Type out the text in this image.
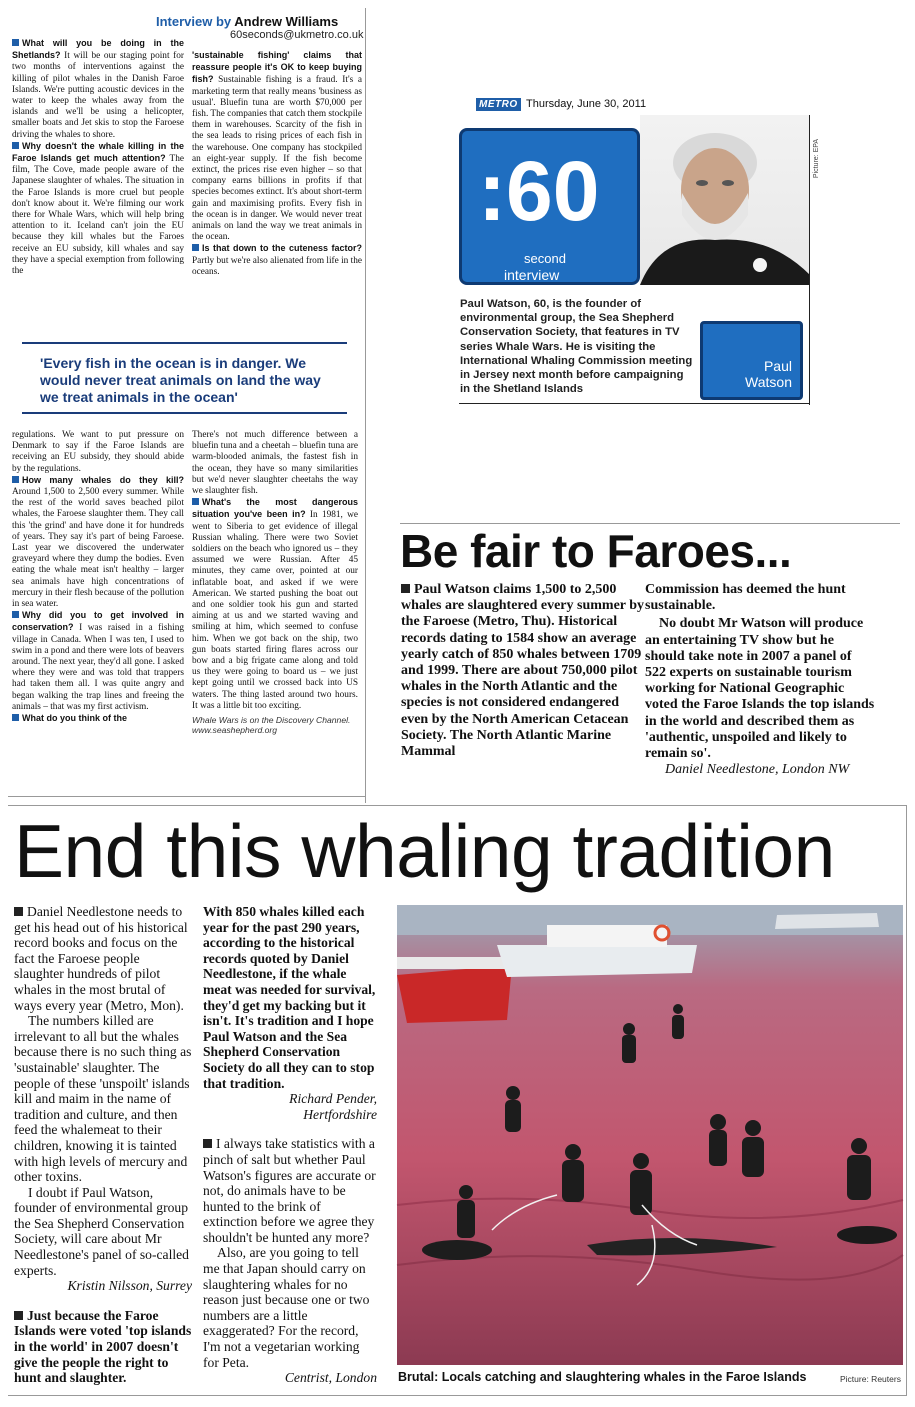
Interview by Andrew Williams
60seconds@ukmetro.co.uk

What will you be doing in the Shetlands? It will be our staging point for two months of interventions against the killing of pilot whales in the Danish Faroe Islands. We're putting acoustic devices in the water to keep the whales away from the islands and we'll be using a helicopter, smaller boats and Jet skis to stop the Faroese driving the whales to shore.

Why doesn't the whale killing in the Faroe Islands get much attention? The film, The Cove, made people aware of the Japanese slaughter of whales. The situation in the Faroe Islands is more cruel but people don't know about it. We're filming our work there for Whale Wars, which will help bring attention to it. Iceland can't join the EU because they kill whales but the Faroes receive an EU subsidy, kill whales and say they have a special exemption from following the

'sustainable fishing' claims that reassure people it's OK to keep buying fish? Sustainable fishing is a fraud. It's a marketing term that really means 'business as usual'. Bluefin tuna are worth $70,000 per fish. The companies that catch them stockpile them in warehouses. Scarcity of the fish in the sea leads to rising prices of each fish in the warehouse. One company has stockpiled an eight-year supply. If the fish become extinct, the prices rise even higher – so that company earns billions in profits if that species becomes extinct. It's about short-term gain and maximising profits. Every fish in the ocean is in danger. We would never treat animals on land the way we treat animals in the ocean.

Is that down to the cuteness factor? Partly but we're also alienated from life in the oceans.

'Every fish in the ocean is in danger. We would never treat animals on land the way we treat animals in the ocean'

regulations. We want to put pressure on Denmark to say if the Faroe Islands are receiving an EU subsidy, they should abide by the regulations.

How many whales do they kill? Around 1,500 to 2,500 every summer. While the rest of the world saves beached pilot whales, the Faroese slaughter them. They call this 'the grind' and have done it for hundreds of years. They say it's part of being Faroese. Last year we discovered the underwater graveyard where they dump the bodies. Even eating the whale meat isn't healthy – larger sea animals have high concentrations of mercury in their flesh because of the pollution in sea water.

Why did you to get involved in conservation? I was raised in a fishing village in Canada. When I was ten, I used to swim in a pond and there were lots of beavers around. The next year, they'd all gone. I asked where they were and was told that trappers had taken them all. I was quite angry and began walking the trap lines and freeing the animals – that was my first activism.

What do you think of the

There's not much difference between a bluefin tuna and a cheetah – bluefin tuna are warm-blooded animals, the fastest fish in the ocean, they have so many similarities but we'd never slaughter cheetahs the way we slaughter fish.

What's the most dangerous situation you've been in? In 1981, we went to Siberia to get evidence of illegal Russian whaling. There were two Soviet soldiers on the beach who ignored us – they assumed we were Russian. After 45 minutes, they came over, pointed at our inflatable boat, and asked if we were American. We started pushing the boat out and one soldier took his gun and started aiming at us and we started waving and smiling at him, which seemed to confuse him. When we got back on the ship, two gun boats started firing flares across our bow and a big frigate came along and told us they were going to board us – we just kept going until we crossed back into US waters. The thing lasted around two hours. It was a little bit too exciting.

Whale Wars is on the Discovery Channel. www.seashepherd.org

METRO Thursday, June 30, 2011
:60
second
interview
Picture: EPA
Paul Watson, 60, is the founder of environmental group, the Sea Shepherd Conservation Society, that features in TV series Whale Wars. He is visiting the International Whaling Commission meeting in Jersey next month before campaigning in the Shetland Islands
Paul
Watson
Be fair to Faroes...
Paul Watson claims 1,500 to 2,500 whales are slaughtered every summer by the Faroese (Metro, Thu). Historical records dating to 1584 show an average yearly catch of 850 whales between 1709 and 1999. There are about 750,000 pilot whales in the North Atlantic and the species is not considered endangered even by the North American Cetacean Society. The North Atlantic Marine Mammal

Commission has deemed the hunt sustainable.

No doubt Mr Watson will produce an entertaining TV show but he should take note in 2007 a panel of 522 experts on sustainable tourism working for National Geographic voted the Faroe Islands the top islands in the world and described them as 'authentic, unspoiled and likely to remain so'.

Daniel Needlestone, London NW

End this whaling tradition

Daniel Needlestone needs to get his head out of his historical record books and focus on the fact the Faroese people slaughter hundreds of pilot whales in the most brutal of ways every year (Metro, Mon).

The numbers killed are irrelevant to all but the whales because there is no such thing as 'sustainable' slaughter. The people of these 'unspoilt' islands kill and maim in the name of tradition and culture, and then feed the whalemeat to their children, knowing it is tainted with high levels of mercury and other toxins.

I doubt if Paul Watson, founder of environmental group the Sea Shepherd Conservation Society, will care about Mr Needlestone's panel of so-called experts.

Kristin Nilsson, Surrey

Just because the Faroe Islands were voted 'top islands in the world' in 2007 doesn't give the people the right to hunt and slaughter.

With 850 whales killed each year for the past 290 years, according to the historical records quoted by Daniel Needlestone, if the whale meat was needed for survival, they'd get my backing but it isn't. It's tradition and I hope Paul Watson and the Sea Shepherd Conservation Society do all they can to stop that tradition.

Richard Pender,

Hertfordshire

I always take statistics with a pinch of salt but whether Paul Watson's figures are accurate or not, do animals have to be hunted to the brink of extinction before we agree they shouldn't be hunted any more?

Also, are you going to tell me that Japan should carry on slaughtering whales for no reason just because one or two numbers are a little exaggerated? For the record, I'm not a vegetarian working for Peta.

Centrist, London Brutal: Locals catching and slaughtering whales in the Faroe Islands	Picture: Reuters
